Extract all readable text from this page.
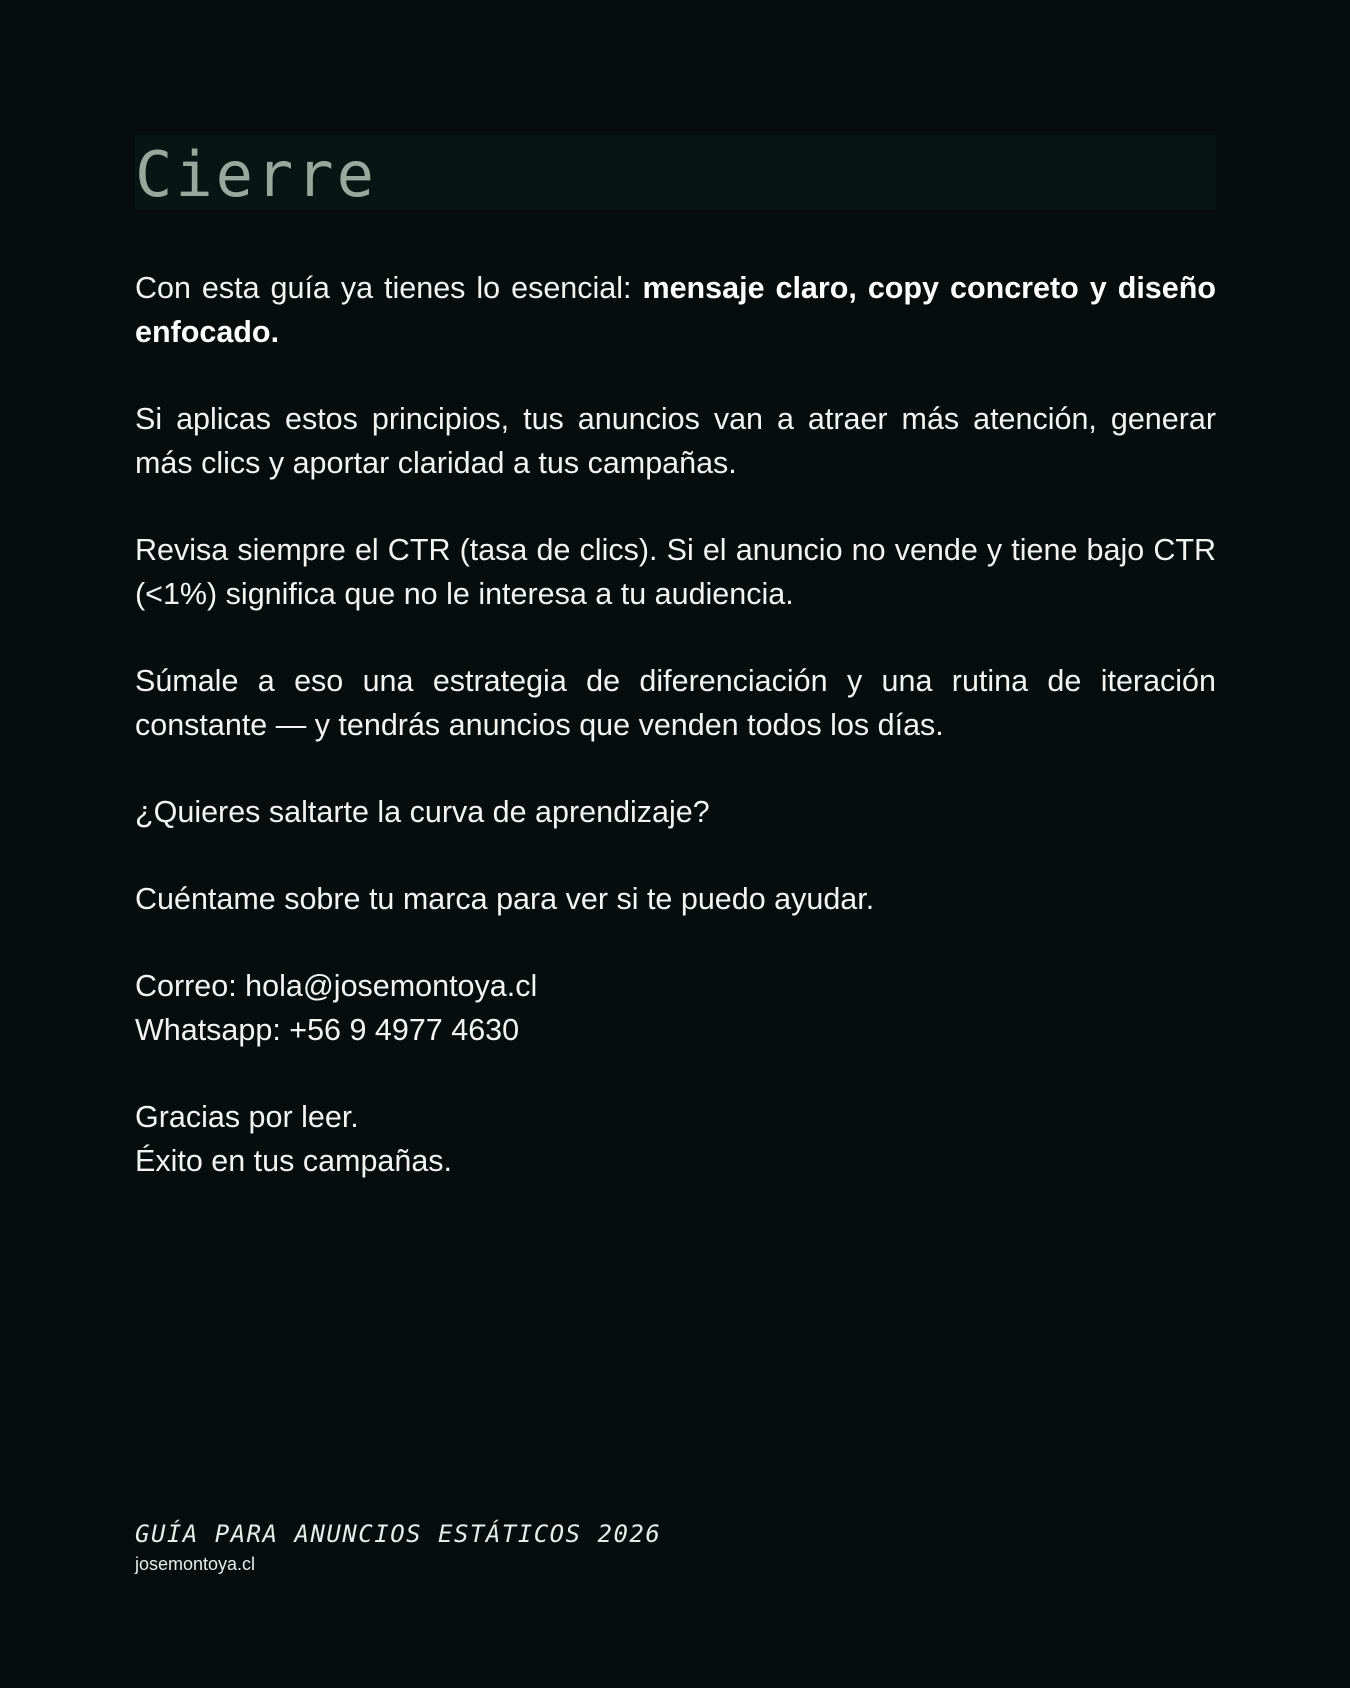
Cierre

Con esta guía ya tienes lo esencial: mensaje claro, copy concreto y diseño enfocado.

Si aplicas estos principios, tus anuncios van a atraer más atención, generar más clics y aportar claridad a tus campañas.

Revisa siempre el CTR (tasa de clics). Si el anuncio no vende y tiene bajo CTR (<1%) significa que no le interesa a tu audiencia.

Súmale a eso una estrategia de diferenciación y una rutina de iteración constante — y tendrás anuncios que venden todos los días.

¿Quieres saltarte la curva de aprendizaje?

Cuéntame sobre tu marca para ver si te puedo ayudar.

Correo: hola@josemontoya.cl
Whatsapp: +56 9 4977 4630

Gracias por leer.
Éxito en tus campañas.

GUÍA PARA ANUNCIOS ESTÁTICOS 2026
josemontoya.cl
